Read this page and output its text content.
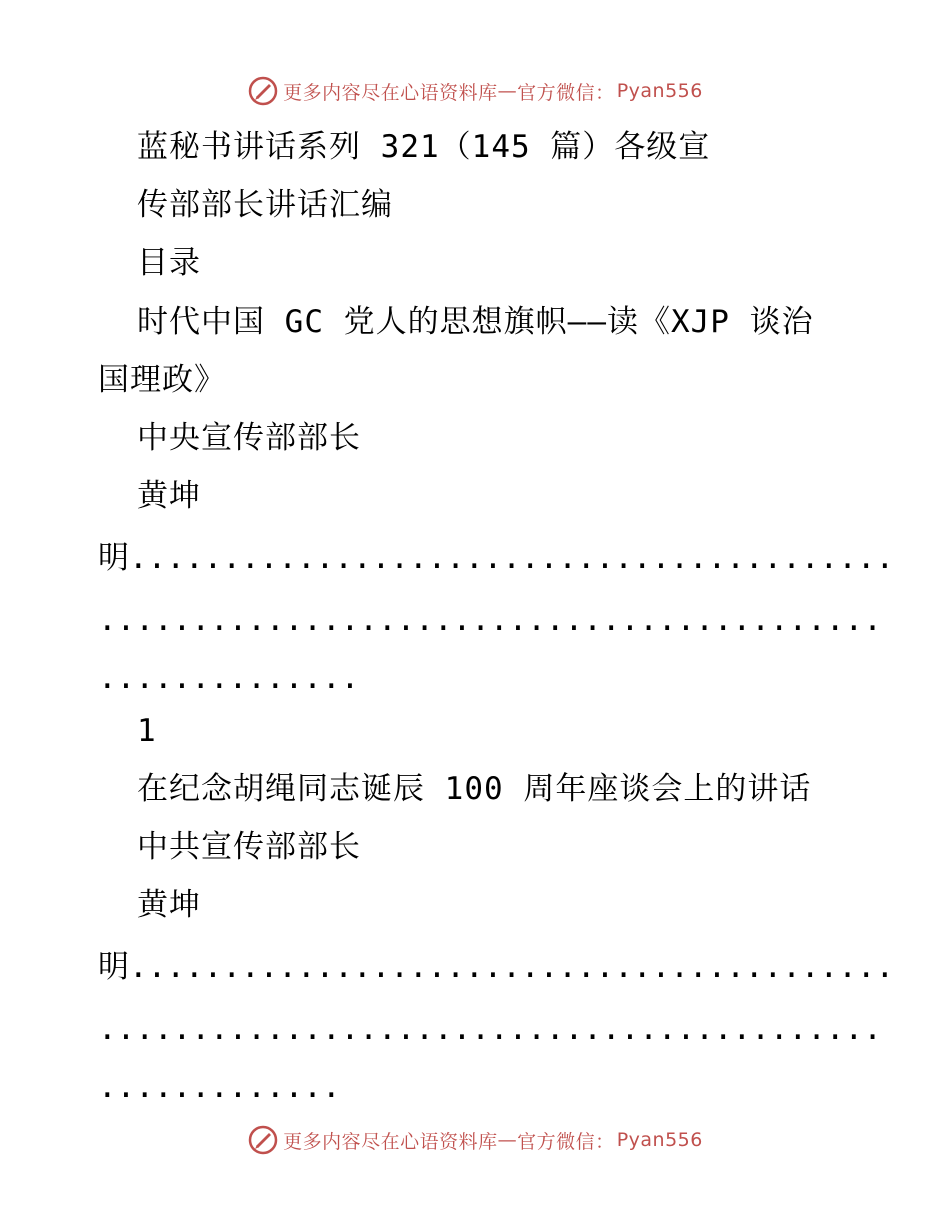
更多内容尽在心语资料库 — 官方微信： Pyan556
蓝秘书讲话系列 321（145 篇）各级宣
传部部长讲话汇编
目录
时代中国 GC 党人的思想旗帜——读《XJP 谈治
国理政》
中央宣传部部长
黄坤
明.........................................
..........................................
..............
1
在纪念胡绳同志诞辰 100 周年座谈会上的讲话
中共宣传部部长
黄坤
明.........................................
..........................................
.............
更多内容尽在心语资料库 — 官方微信： Pyan556
